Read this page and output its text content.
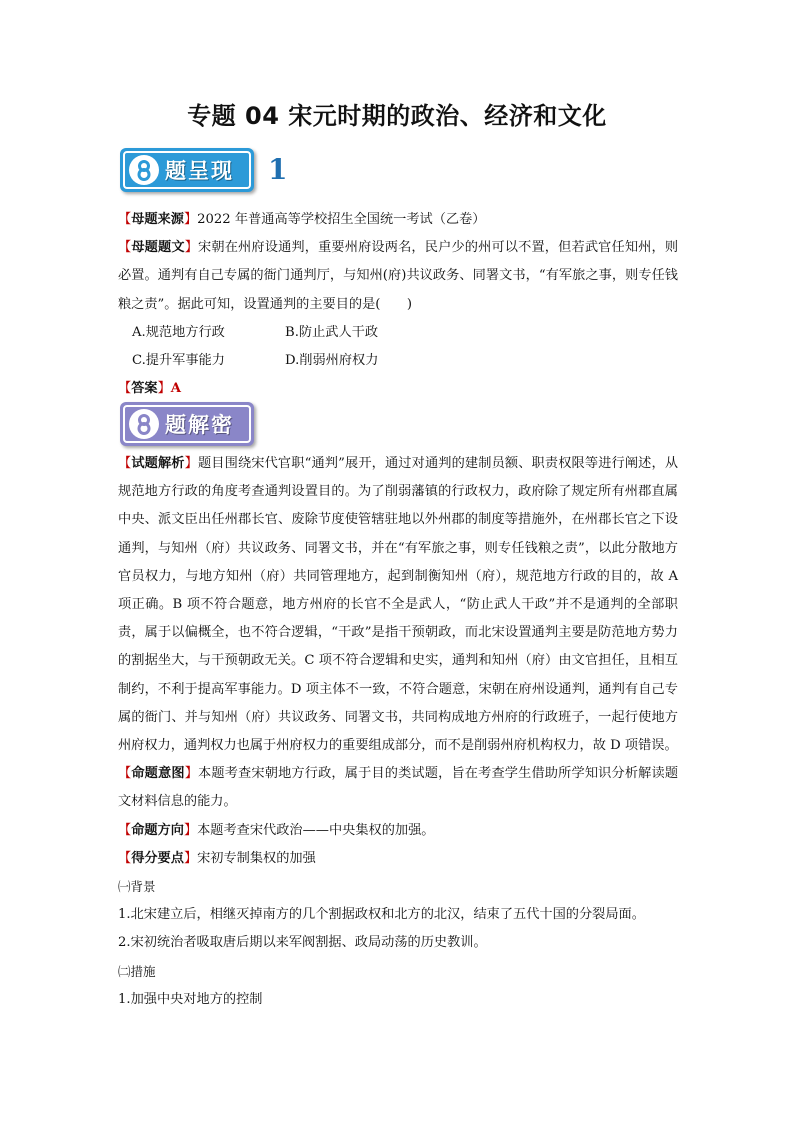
专题 04 宋元时期的政治、经济和文化
题呈现 1

【母题来源】2022 年普通高等学校招生全国统一考试（乙卷）

【母题题文】宋朝在州府设通判，重要州府设两名，民户少的州可以不置，但若武官任知州，则必置。通判有自己专属的衙门通判厅，与知州(府)共议政务、同署文书，“有军旅之事，则专任钱粮之责”。据此可知，设置通判的主要目的是(　　)

A.规范地方行政	B.防止武人干政
C.提升军事能力	D.削弱州府权力

【答案】A

题解密

【试题解析】题目围绕宋代官职“通判”展开，通过对通判的建制员额、职责权限等进行阐述，从规范地方行政的角度考查通判设置目的。为了削弱藩镇的行政权力，政府除了规定所有州郡直属中央、派文臣出任州郡长官、废除节度使管辖驻地以外州郡的制度等措施外，在州郡长官之下设通判，与知州（府）共议政务、同署文书，并在“有军旅之事，则专任钱粮之责”，以此分散地方官员权力，与地方知州（府）共同管理地方，起到制衡知州（府），规范地方行政的目的，故 A 项正确。B 项不符合题意，地方州府的长官不全是武人，“防止武人干政”并不是通判的全部职责，属于以偏概全，也不符合逻辑，“干政”是指干预朝政，而北宋设置通判主要是防范地方势力的割据坐大，与干预朝政无关。C 项不符合逻辑和史实，通判和知州（府）由文官担任，且相互制约，不利于提高军事能力。D 项主体不一致，不符合题意，宋朝在府州设通判，通判有自己专属的衙门、并与知州（府）共议政务、同署文书，共同构成地方州府的行政班子，一起行使地方州府权力，通判权力也属于州府权力的重要组成部分，而不是削弱州府机构权力，故 D 项错误。

【命题意图】本题考查宋朝地方行政，属于目的类试题，旨在考查学生借助所学知识分析解读题文材料信息的能力。

【命题方向】本题考查宋代政治——中央集权的加强。

【得分要点】宋初专制集权的加强

㈠背景

1.北宋建立后，相继灭掉南方的几个割据政权和北方的北汉，结束了五代十国的分裂局面。

2.宋初统治者吸取唐后期以来军阀割据、政局动荡的历史教训。

㈡措施

1.加强中央对地方的控制
